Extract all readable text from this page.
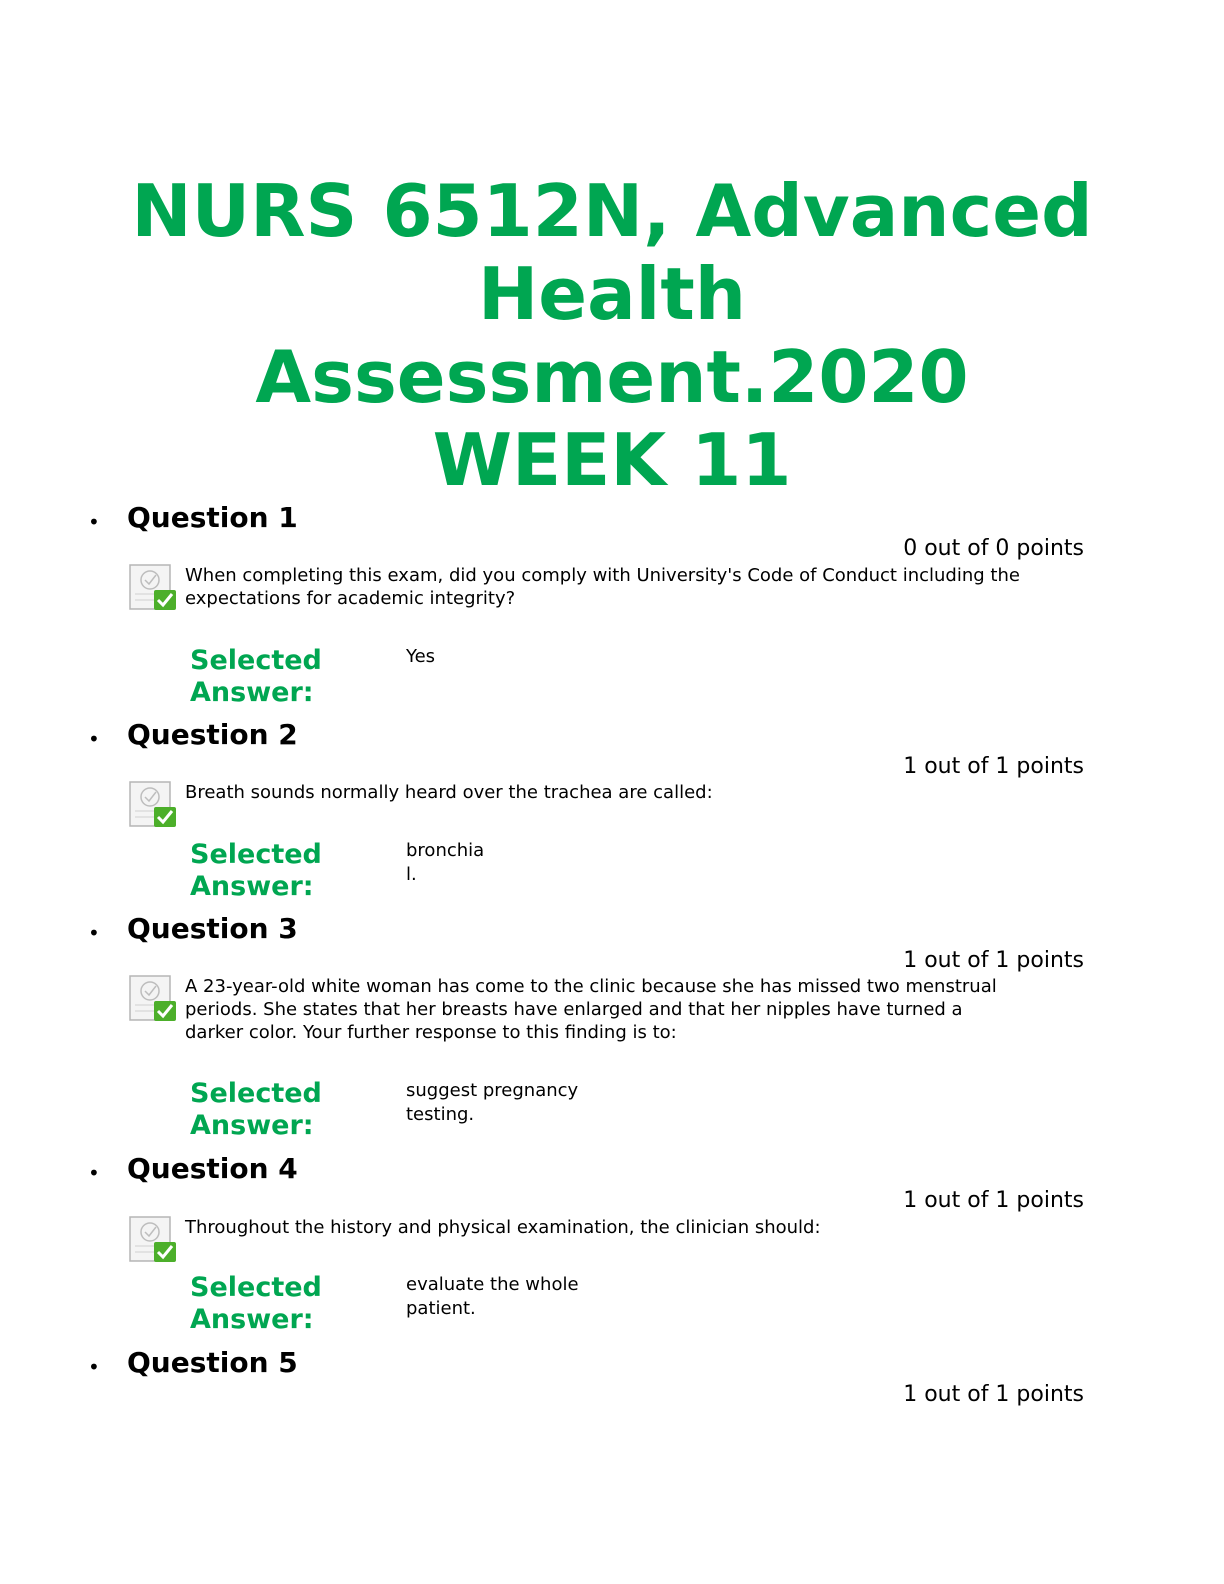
NURS 6512N, Advanced
Health
Assessment.2020
WEEK 11
• Question 1
0 out of 0 points
When completing this exam, did you comply with University's Code of Conduct including the expectations for academic integrity?
Selected
Answer:
Yes
• Question 2
1 out of 1 points
Breath sounds normally heard over the trachea are called:
Selected
Answer:
bronchial.
• Question 3
1 out of 1 points
A 23-year-old white woman has come to the clinic because she has missed two menstrual periods. She states that her breasts have enlarged and that her nipples have turned a darker color. Your further response to this finding is to:
Selected
Answer:
suggest pregnancy testing.
• Question 4
1 out of 1 points
Throughout the history and physical examination, the clinician should:
Selected
Answer:
evaluate the whole patient.
• Question 5
1 out of 1 points
